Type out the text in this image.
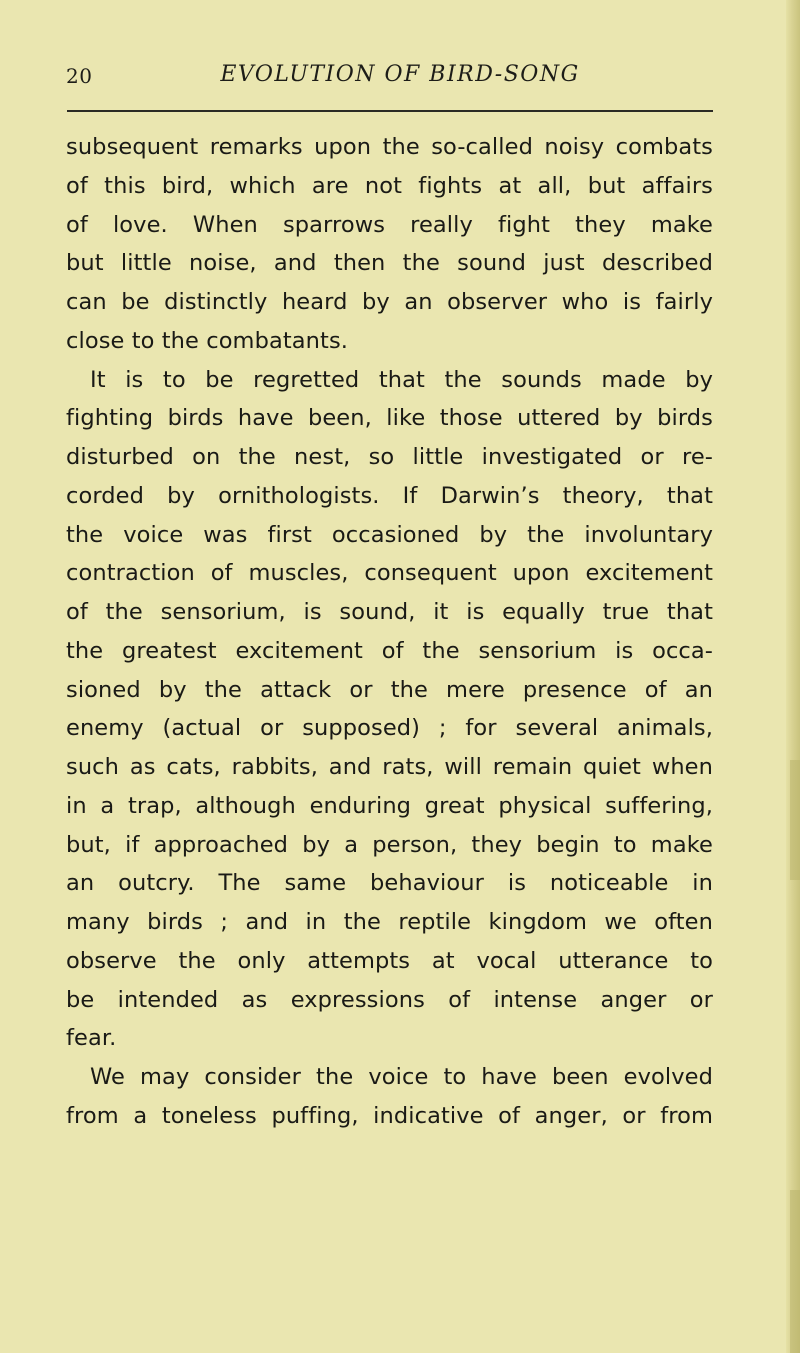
20	EVOLUTION OF BIRD-SONG
subsequent remarks upon the so-called noisy combats
of this bird, which are not fights at all, but affairs
of love. When sparrows really fight they make
but little noise, and then the sound just described
can be distinctly heard by an observer who is fairly
close to the combatants.
It is to be regretted that the sounds made by
fighting birds have been, like those uttered by birds
disturbed on the nest, so little investigated or re-
corded by ornithologists. If Darwin’s theory, that
the voice was first occasioned by the involuntary
contraction of muscles, consequent upon excitement
of the sensorium, is sound, it is equally true that
the greatest excitement of the sensorium is occa-
sioned by the attack or the mere presence of an
enemy (actual or supposed) ; for several animals,
such as cats, rabbits, and rats, will remain quiet when
in a trap, although enduring great physical suffering,
but, if approached by a person, they begin to make
an outcry. The same behaviour is noticeable in
many birds ; and in the reptile kingdom we often
observe the only attempts at vocal utterance to
be intended as expressions of intense anger or
fear.
We may consider the voice to have been evolved
from a toneless puffing, indicative of anger, or from
